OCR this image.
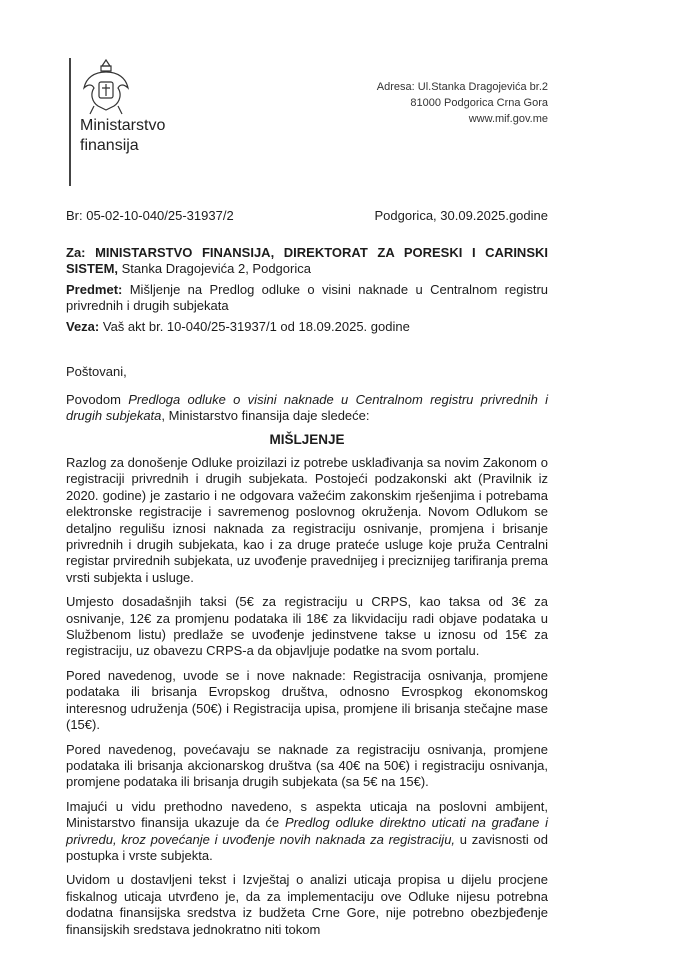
Ministarstvo
finansija
Adresa: Ul.Stanka Dragojevića br.2
81000 Podgorica Crna Gora
www.mif.gov.me
Br: 05-02-10-040/25-31937/2	Podgorica, 30.09.2025.godine
Za: MINISTARSTVO FINANSIJA, DIREKTORAT ZA PORESKI I CARINSKI SISTEM, Stanka Dragojevića 2, Podgorica
Predmet: Mišljenje na Predlog odluke o visini naknade u Centralnom registru privrednih i drugih subjekata
Veza: Vaš akt br. 10-040/25-31937/1 od 18.09.2025. godine
Poštovani,
Povodom Predloga odluke o visini naknade u Centralnom registru privrednih i drugih subjekata, Ministarstvo finansija daje sledeće:
MIŠLJENJE

Razlog za donošenje Odluke proizilazi iz potrebe usklađivanja sa novim Zakonom o registraciji privrednih i drugih subjekata. Postojeći podzakonski akt (Pravilnik iz 2020. godine) je zastario i ne odgovara važećim zakonskim rješenjima i potrebama elektronske registracije i savremenog poslovnog okruženja. Novom Odlukom se detaljno regulišu iznosi naknada za registraciju osnivanje, promjena i brisanje privrednih i drugih subjekata, kao i za druge prateće usluge koje pruža Centralni registar prvirednih subjekata, uz uvođenje pravednijeg i preciznijeg tarifiranja prema vrsti subjekta i usluge.

Umjesto dosadašnjih taksi (5€ za registraciju u CRPS, kao taksa od 3€ za osnivanje, 12€ za promjenu podataka ili 18€ za likvidaciju radi objave podataka u Službenom listu) predlaže se uvođenje jedinstvene takse u iznosu od 15€ za registraciju, uz obavezu CRPS-a da objavljuje podatke na svom portalu.

Pored navedenog, uvode se i nove naknade: Registracija osnivanja, promjene podataka ili brisanja Evropskog društva, odnosno Evrospkog ekonomskog interesnog udruženja (50€) i Registracija upisa, promjene ili brisanja stečajne mase (15€).

Pored navedenog, povećavaju se naknade za registraciju osnivanja, promjene podataka ili brisanja akcionarskog društva (sa 40€ na 50€) i registraciju osnivanja, promjene podataka ili brisanja drugih subjekata (sa 5€ na 15€).

Imajući u vidu prethodno navedeno, s aspekta uticaja na poslovni ambijent, Ministarstvo finansija ukazuje da će Predlog odluke direktno uticati na građane i privredu, kroz povećanje i uvođenje novih naknada za registraciju, u zavisnosti od postupka i vrste subjekta.

Uvidom u dostavljeni tekst i Izvještaj o analizi uticaja propisa u dijelu procjene fiskalnog uticaja utvrđeno je, da za implementaciju ove Odluke nijesu potrebna dodatna finansijska sredstva iz budžeta Crne Gore, nije potrebno obezbjeđenje finansijskih sredstava jednokratno niti tokom
